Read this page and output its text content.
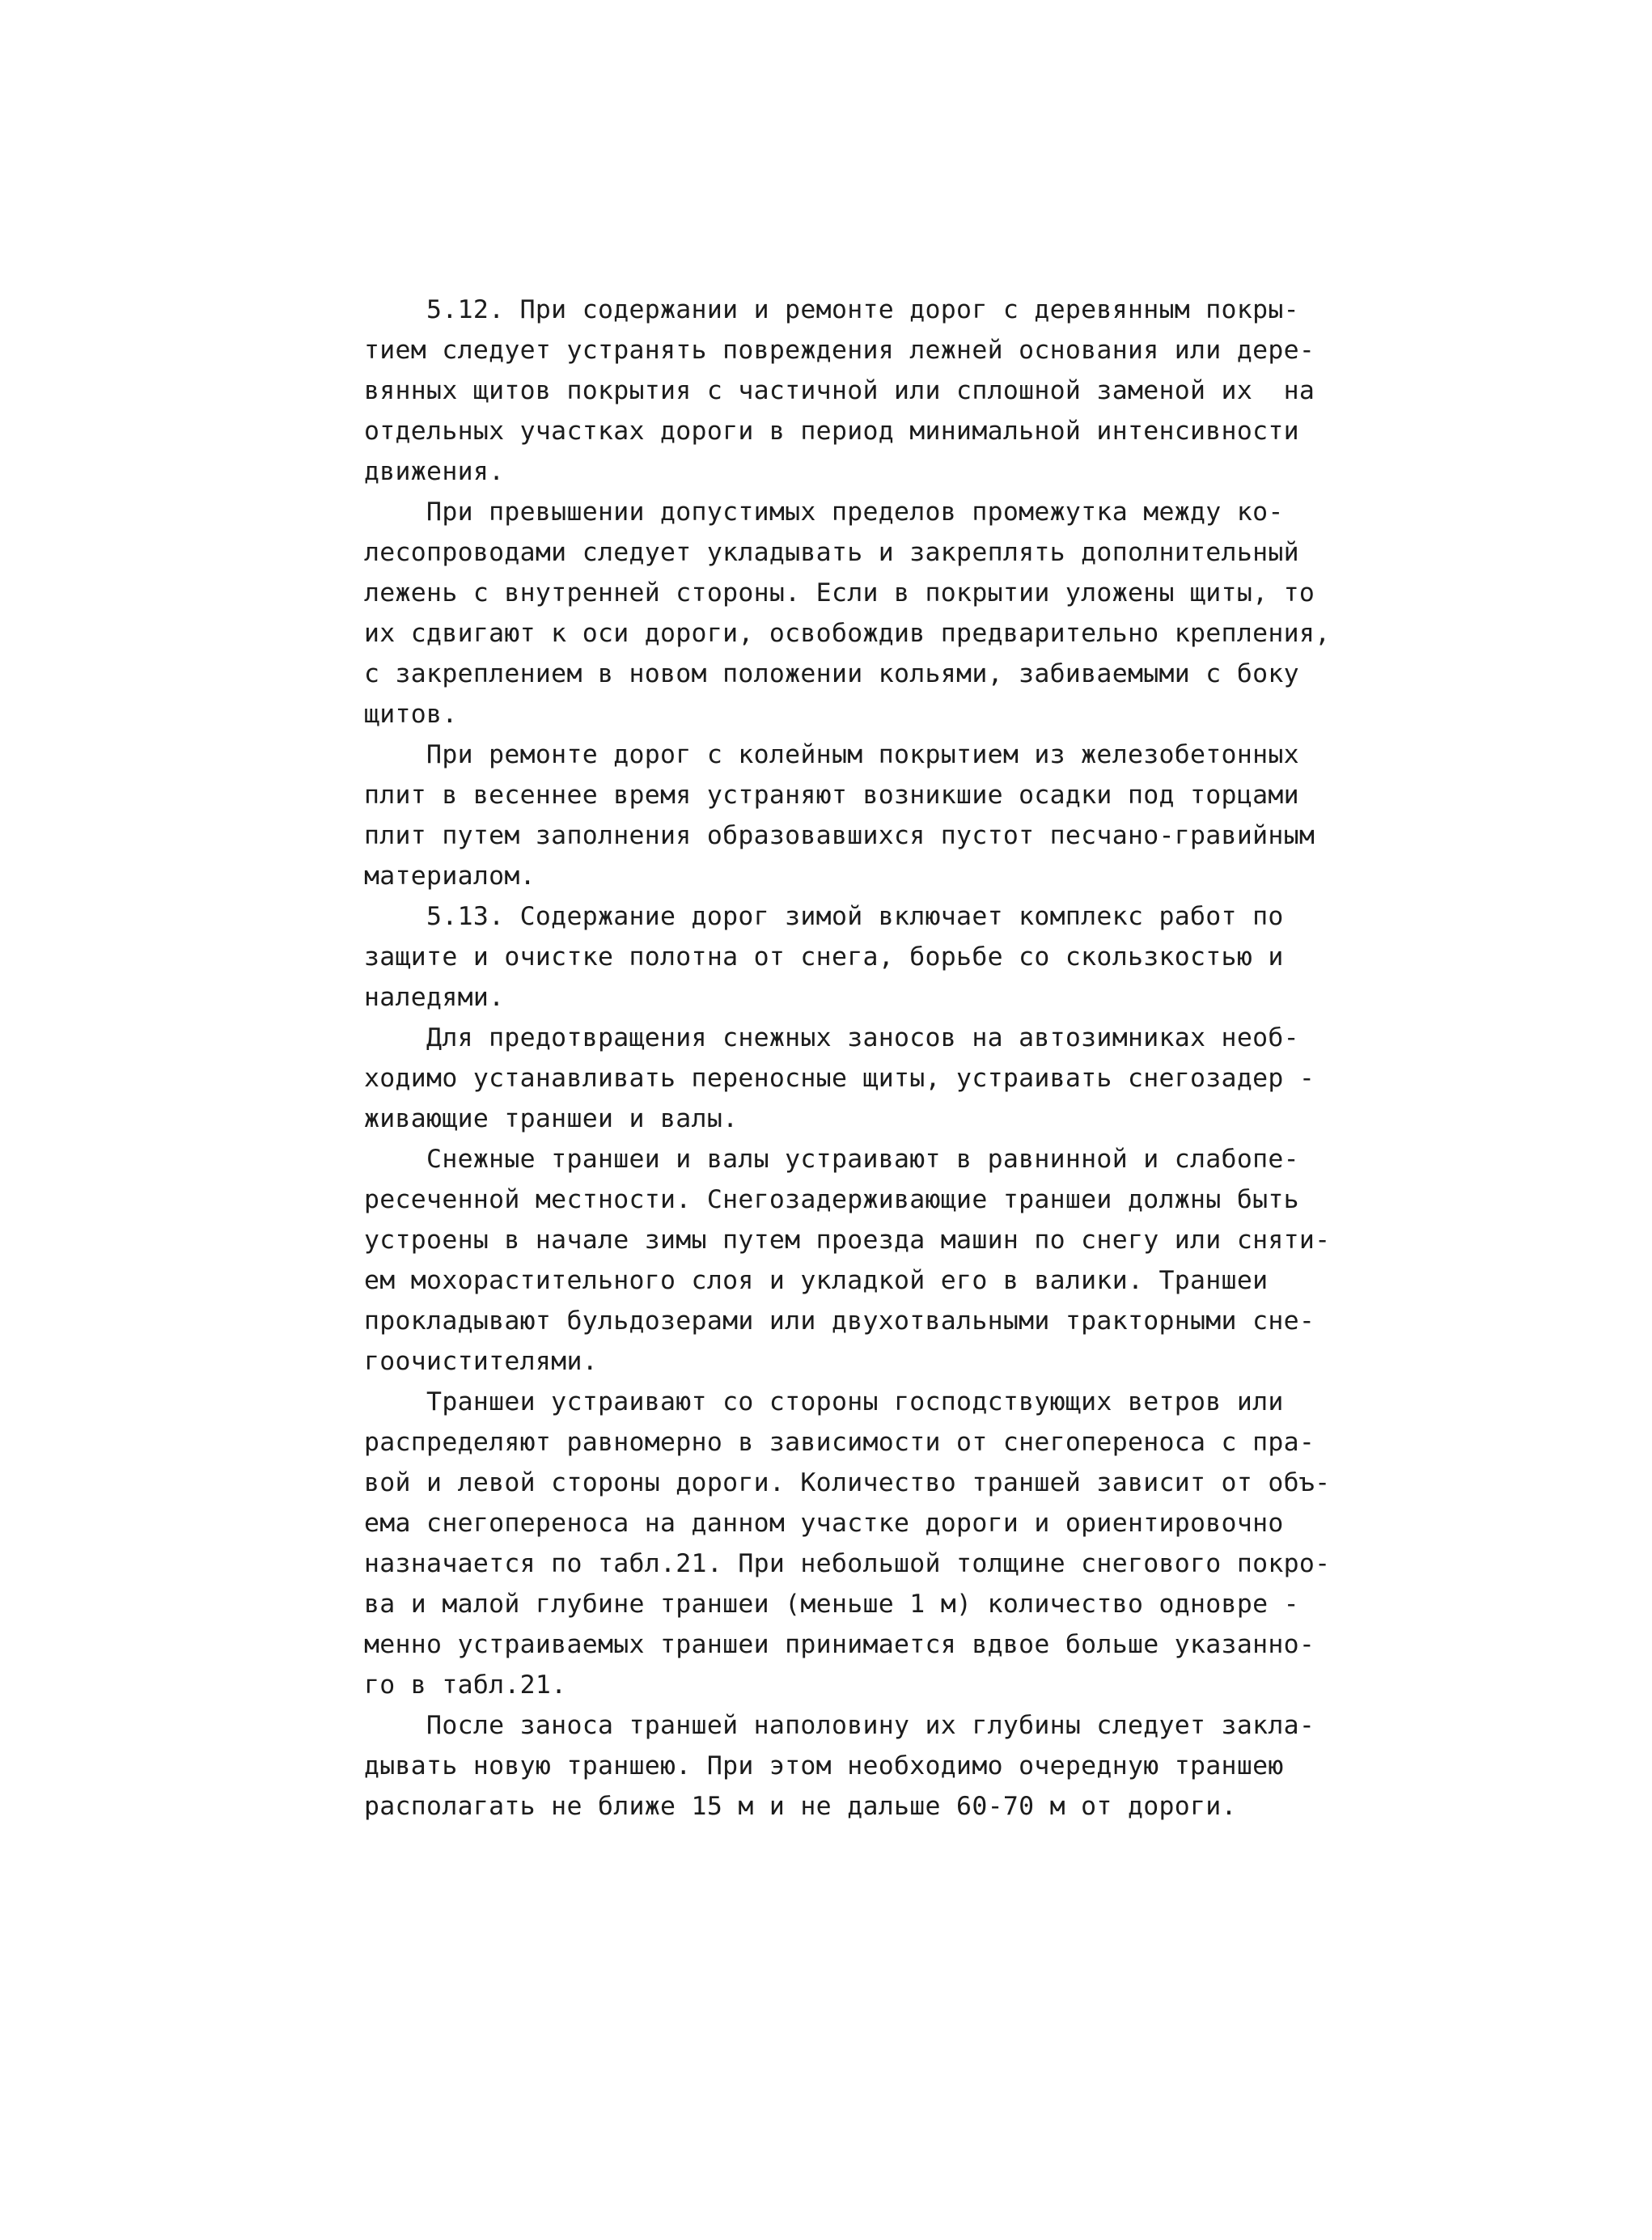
5.12. При содержании и ремонте дорог с деревянным покры-
тием следует устранять повреждения лежней основания или дере-
вянных щитов покрытия с частичной или сплошной заменой их  на
отдельных участках дороги в период минимальной интенсивности
движения.
При превышении допустимых пределов промежутка между ко-
лесопроводами следует укладывать и закреплять дополнительный
лежень с внутренней стороны. Если в покрытии уложены щиты, то
их сдвигают к оси дороги, освобождив предварительно крепления,
с закреплением в новом положении кольями, забиваемыми с боку
щитов.
При ремонте дорог с колейным покрытием из железобетонных
плит в весеннее время устраняют возникшие осадки под торцами
плит путем заполнения образовавшихся пустот песчано-гравийным
материалом.
5.13. Содержание дорог зимой включает комплекс работ по
защите и очистке полотна от снега, борьбе со скользкостью и
наледями.
Для предотвращения снежных заносов на автозимниках необ-
ходимо устанавливать переносные щиты, устраивать снегозадер -
живающие траншеи и валы.
Снежные траншеи и валы устраивают в равнинной и слабопе-
ресеченной местности. Снегозадерживающие траншеи должны быть
устроены в начале зимы путем проезда машин по снегу или сняти-
ем мохорастительного слоя и укладкой его в валики. Траншеи
прокладывают бульдозерами или двухотвальными тракторными сне-
гоочистителями.
Траншеи устраивают со стороны господствующих ветров или
распределяют равномерно в зависимости от снегопереноса с пра-
вой и левой стороны дороги. Количество траншей зависит от объ-
ема снегопереноса на данном участке дороги и ориентировочно
назначается по табл.21. При небольшой толщине снегового покро-
ва и малой глубине траншеи (меньше 1 м) количество одновре -
менно устраиваемых траншеи принимается вдвое больше указанно-
го в табл.21.
После заноса траншей наполовину их глубины следует закла-
дывать новую траншею. При этом необходимо очередную траншею
располагать не ближе 15 м и не дальше 60-70 м от дороги.
